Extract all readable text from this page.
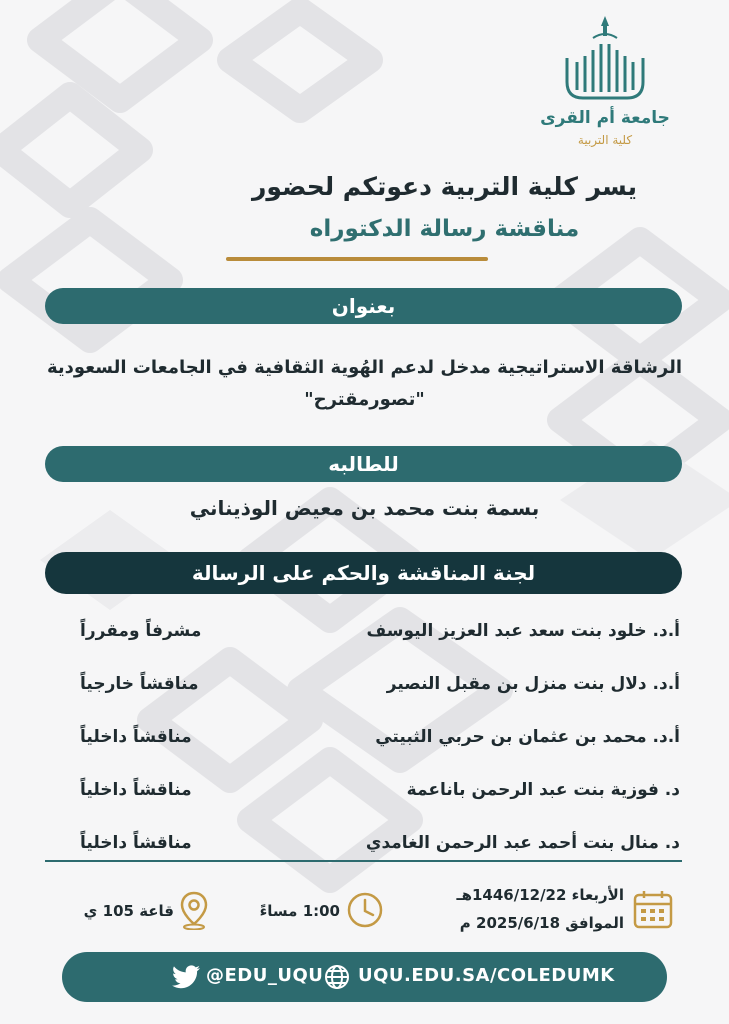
جامعة أم القرى
كلية التربية
يسر كلية التربية دعوتكم لحضور
مناقشة رسالة الدكتوراه
بعنوان
الرشاقة الاستراتيجية مدخل لدعم الهُوية الثقافية في الجامعات السعودية
"تصورمقترح"
للطالبه
بسمة بنت محمد بن معيض الوذيناني
لجنة المناقشة والحكم على الرسالة
أ.د. خلود بنت سعد عبد العزيز اليوسف
مشرفاً ومقرراً
أ.د. دلال بنت منزل بن مقبل النصير
مناقشاً خارجياً
أ.د. محمد بن عثمان بن حربي الثبيتي
مناقشاً داخلياً
د. فوزية بنت عبد الرحمن باناعمة
مناقشاً داخلياً
د. منال بنت أحمد عبد الرحمن الغامدي
مناقشاً داخلياً
الأربعاء 1446/12/22هـ
الموافق 2025/6/18 م
1:00 مساءً
قاعة 105 ي
@EDU_UQU UQU.EDU.SA/COLEDUMK
